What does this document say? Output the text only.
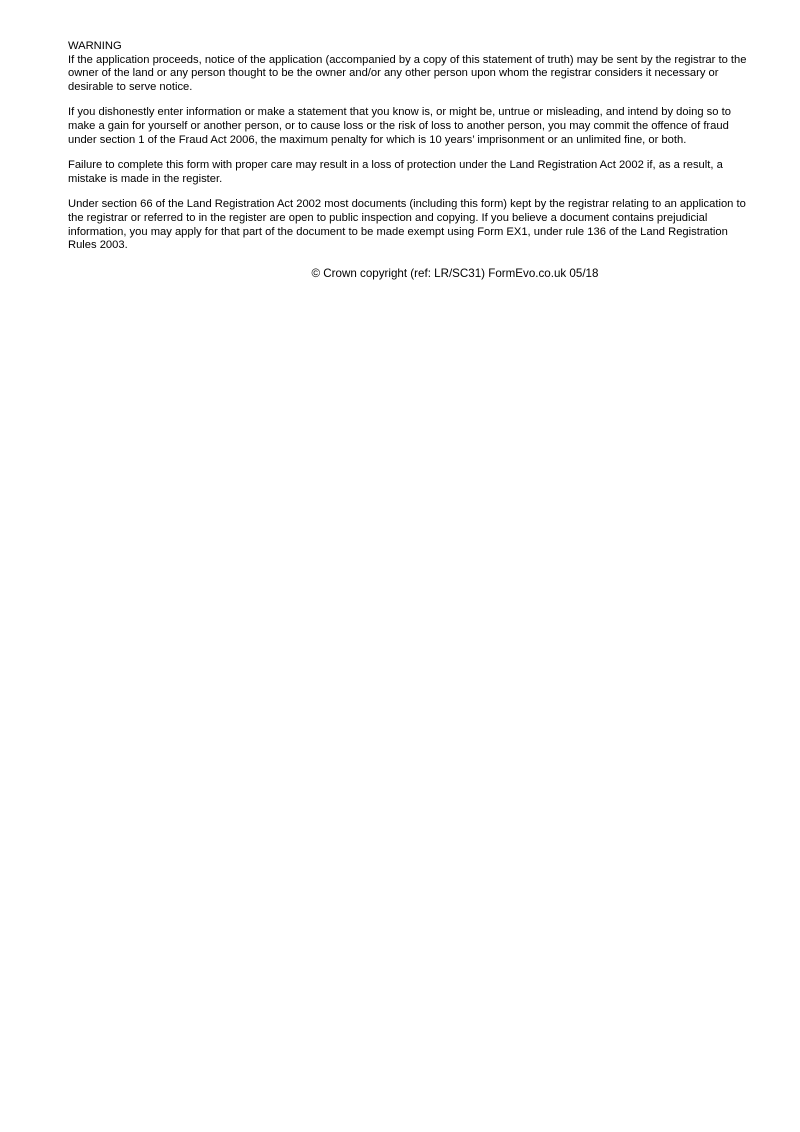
WARNING

If the application proceeds, notice of the application (accompanied by a copy of this statement of truth) may be sent by the registrar to the owner of the land or any person thought to be the owner and/or any other person upon whom the registrar considers it necessary or desirable to serve notice.

If you dishonestly enter information or make a statement that you know is, or might be, untrue or misleading, and intend by doing so to make a gain for yourself or another person, or to cause loss or the risk of loss to another person, you may commit the offence of fraud under section 1 of the Fraud Act 2006, the maximum penalty for which is 10 years’ imprisonment or an unlimited fine, or both.

Failure to complete this form with proper care may result in a loss of protection under the Land Registration Act 2002 if, as a result, a mistake is made in the register.

Under section 66 of the Land Registration Act 2002 most documents (including this form) kept by the registrar relating to an application to the registrar or referred to in the register are open to public inspection and copying. If you believe a document contains prejudicial information, you may apply for that part of the document to be made exempt using Form EX1, under rule 136 of the Land Registration Rules 2003.

© Crown copyright (ref: LR/SC31) FormEvo.co.uk 05/18
